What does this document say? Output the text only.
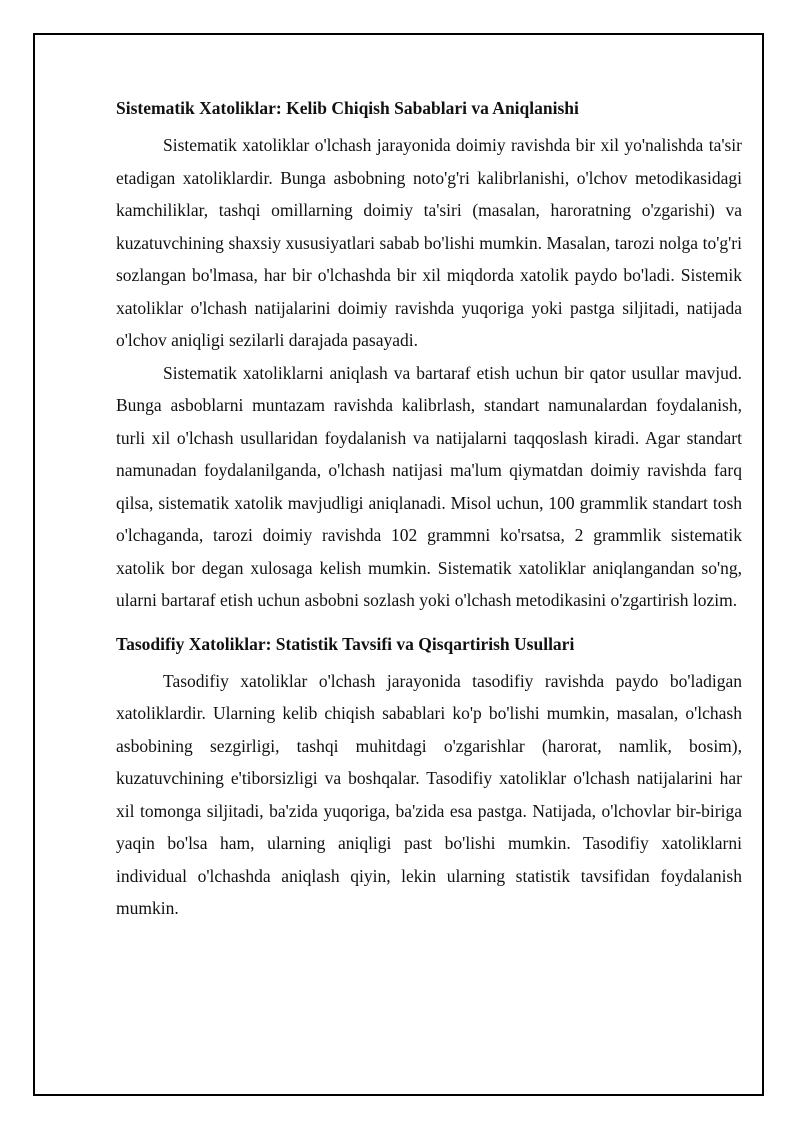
Sistematik Xatoliklar: Kelib Chiqish Sabablari va Aniqlanishi

Sistematik xatoliklar o'lchash jarayonida doimiy ravishda bir xil yo'nalishda ta'sir etadigan xatoliklardir. Bunga asbobning noto'g'ri kalibrlanishi, o'lchov metodikasidagi kamchiliklar, tashqi omillarning doimiy ta'siri (masalan, haroratning o'zgarishi) va kuzatuvchining shaxsiy xususiyatlari sabab bo'lishi mumkin. Masalan, tarozi nolga to'g'ri sozlangan bo'lmasa, har bir o'lchashda bir xil miqdorda xatolik paydo bo'ladi. Sistemik xatoliklar o'lchash natijalarini doimiy ravishda yuqoriga yoki pastga siljitadi, natijada o'lchov aniqligi sezilarli darajada pasayadi.

Sistematik xatoliklarni aniqlash va bartaraf etish uchun bir qator usullar mavjud. Bunga asboblarni muntazam ravishda kalibrlash, standart namunalardan foydalanish, turli xil o'lchash usullaridan foydalanish va natijalarni taqqoslash kiradi. Agar standart namunadan foydalanilganda, o'lchash natijasi ma'lum qiymatdan doimiy ravishda farq qilsa, sistematik xatolik mavjudligi aniqlanadi. Misol uchun, 100 grammlik standart tosh o'lchaganda, tarozi doimiy ravishda 102 grammni ko'rsatsa, 2 grammlik sistematik xatolik bor degan xulosaga kelish mumkin. Sistematik xatoliklar aniqlangandan so'ng, ularni bartaraf etish uchun asbobni sozlash yoki o'lchash metodikasini o'zgartirish lozim.

Tasodifiy Xatoliklar: Statistik Tavsifi va Qisqartirish Usullari

Tasodifiy xatoliklar o'lchash jarayonida tasodifiy ravishda paydo bo'ladigan xatoliklardir. Ularning kelib chiqish sabablari ko'p bo'lishi mumkin, masalan, o'lchash asbobining sezgirligi, tashqi muhitdagi o'zgarishlar (harorat, namlik, bosim), kuzatuvchining e'tiborsizligi va boshqalar. Tasodifiy xatoliklar o'lchash natijalarini har xil tomonga siljitadi, ba'zida yuqoriga, ba'zida esa pastga. Natijada, o'lchovlar bir-biriga yaqin bo'lsa ham, ularning aniqligi past bo'lishi mumkin. Tasodifiy xatoliklarni individual o'lchashda aniqlash qiyin, lekin ularning statistik tavsifidan foydalanish mumkin.
